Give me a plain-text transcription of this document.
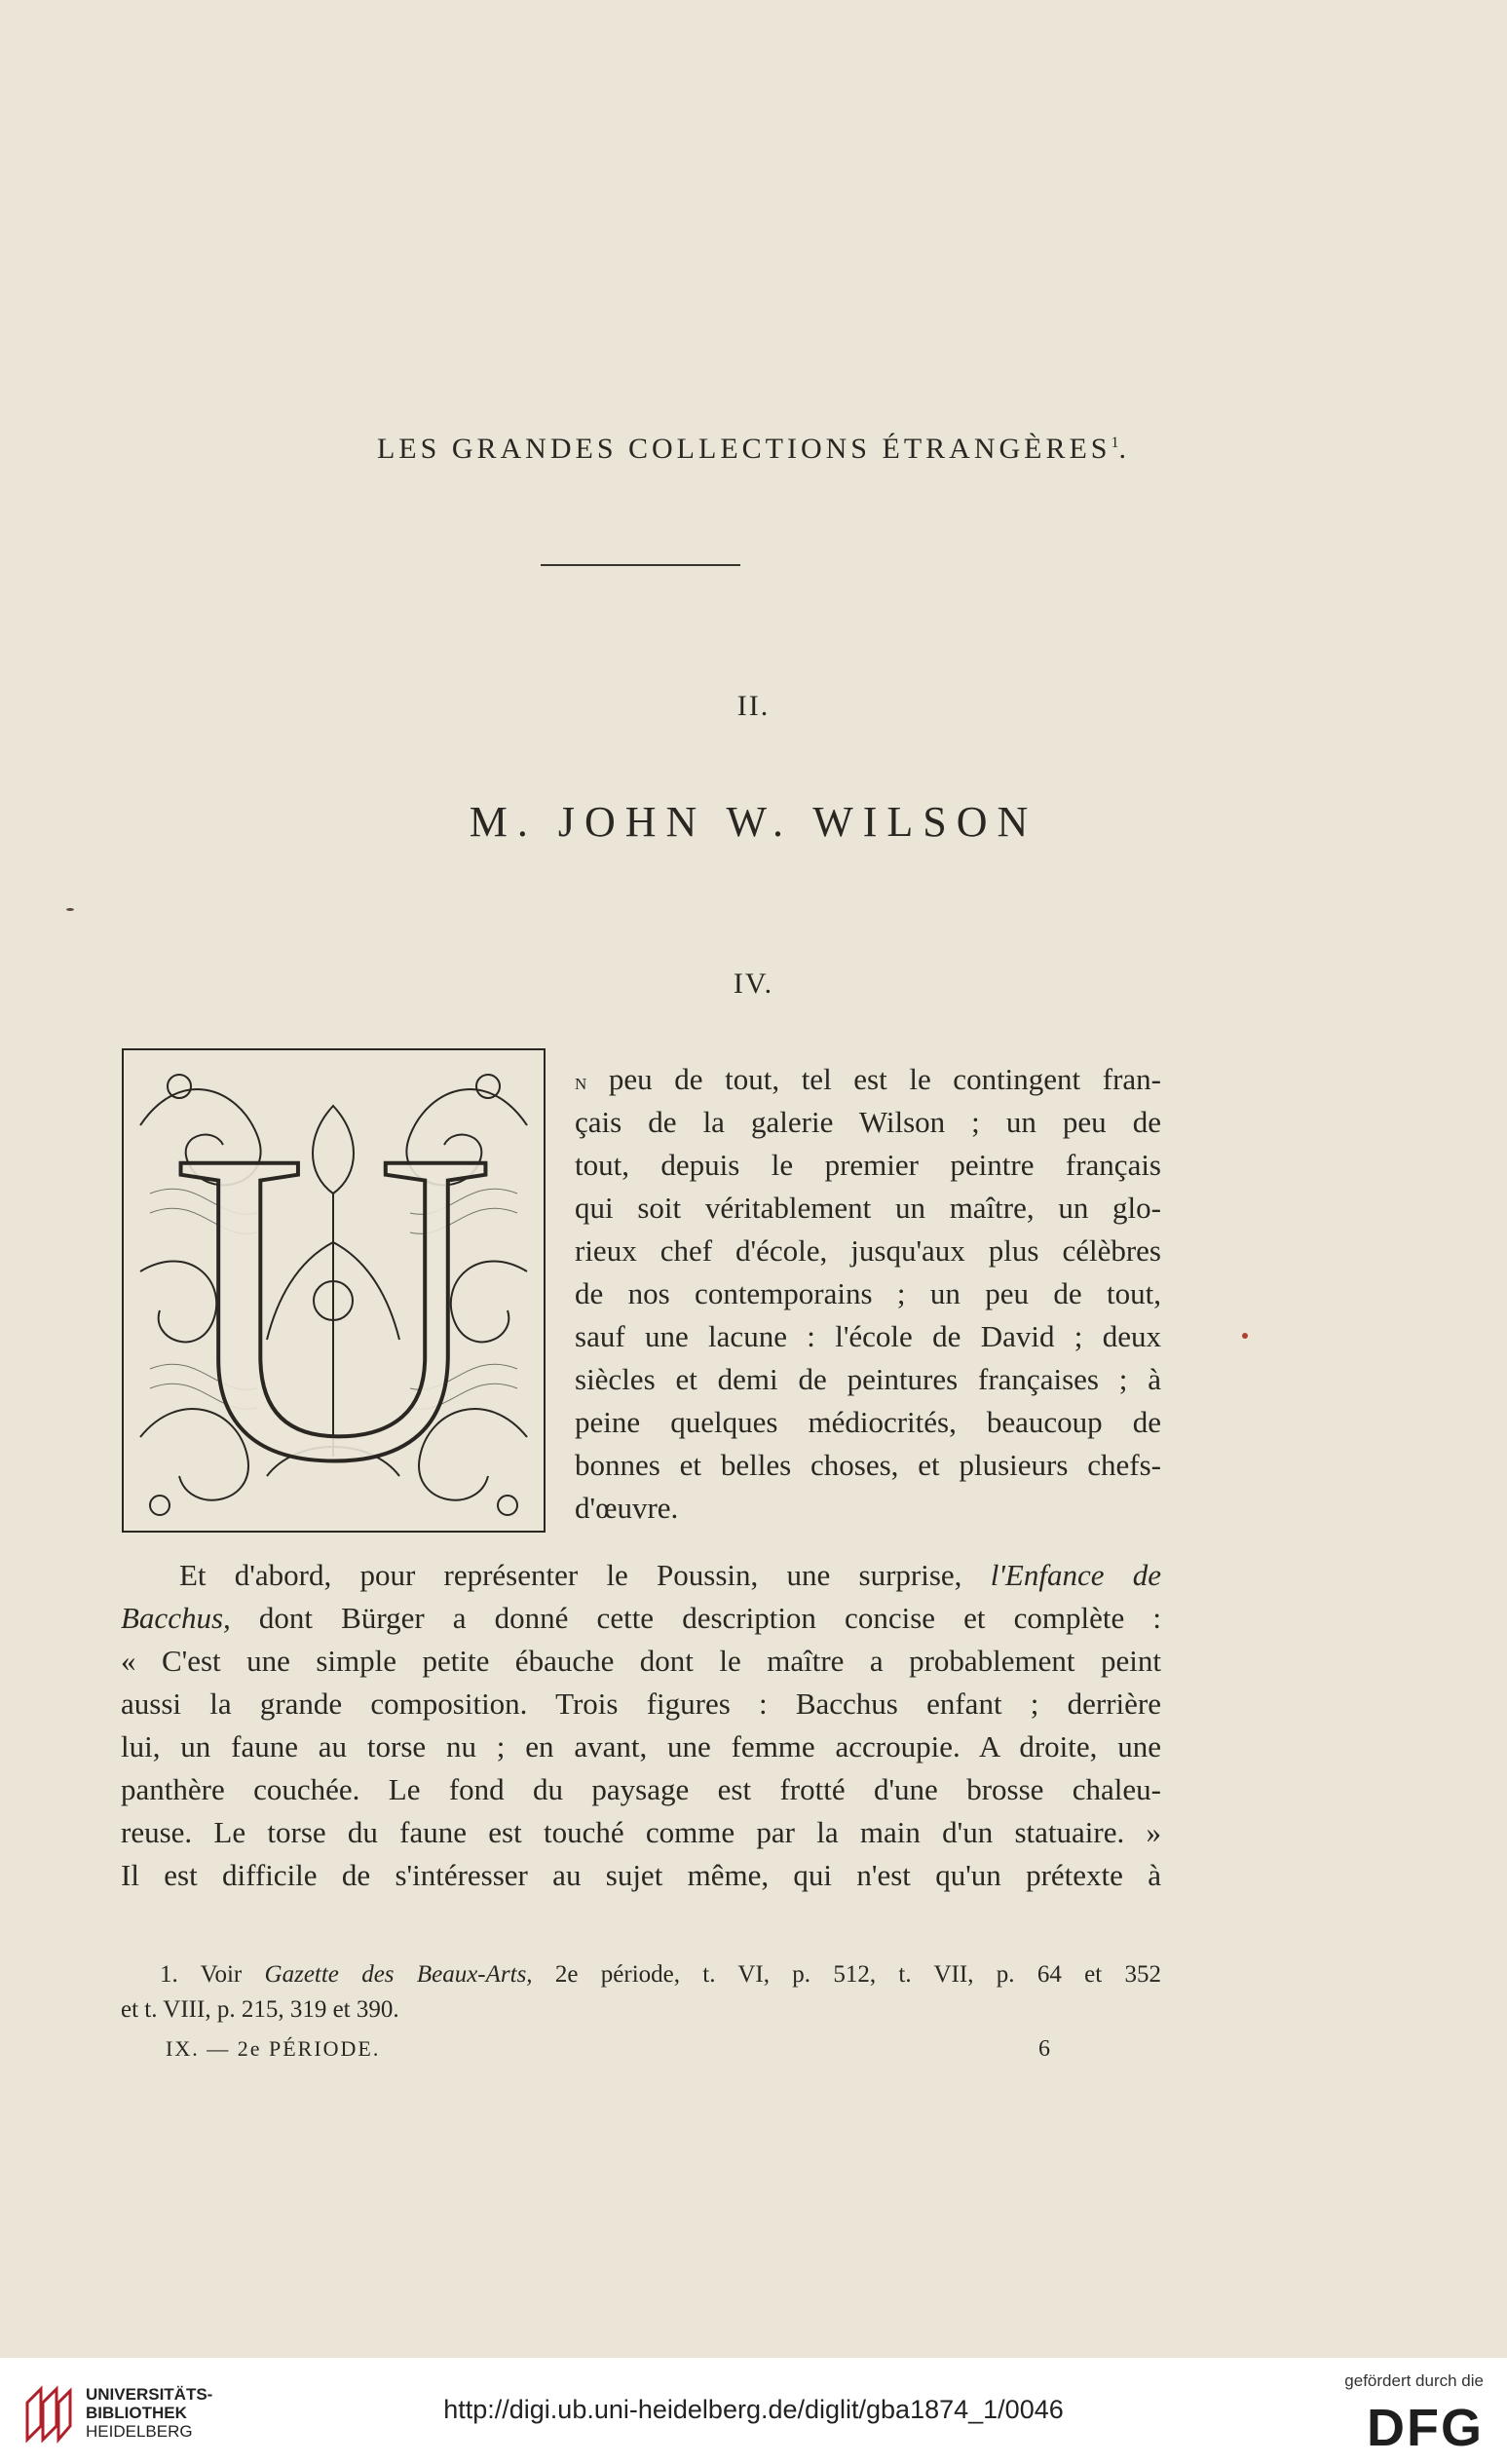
LES GRANDES COLLECTIONS ÉTRANGÈRES$^1$.
II.
M. JOHN W. WILSON
IV.
U	n peu de tout, tel est le contingent fran-
çais de la galerie Wilson ; un peu de
tout, depuis le premier peintre français
qui soit véritablement un maître, un glo-
rieux chef d'école, jusqu'aux plus célèbres
de nos contemporains ; un peu de tout,
sauf une lacune : l'école de David ; deux
siècles et demi de peintures françaises ; à
peine quelques médiocrités, beaucoup de
bonnes et belles choses, et plusieurs chefs-
d'œuvre.
Et d'abord, pour représenter le Poussin, une surprise, l'Enfance de
Bacchus, dont Bürger a donné cette description concise et complète :
« C'est une simple petite ébauche dont le maître a probablement peint
aussi la grande composition. Trois figures : Bacchus enfant ; derrière
lui, un faune au torse nu ; en avant, une femme accroupie. A droite, une
panthère couchée. Le fond du paysage est frotté d'une brosse chaleu-
reuse. Le torse du faune est touché comme par la main d'un statuaire. »
Il est difficile de s'intéresser au sujet même, qui n'est qu'un prétexte à
1. Voir Gazette des Beaux-Arts, 2e période, t. VI, p. 512, t. VII, p. 64 et 352
et t. VIII, p. 215, 319 et 390.
IX. — 2e PÉRIODE.	6
UNIVERSITÄTS-
BIBLIOTHEK
HEIDELBERG
http://digi.ub.uni-heidelberg.de/diglit/gba1874_1/0046
gefördert durch die
DFG
